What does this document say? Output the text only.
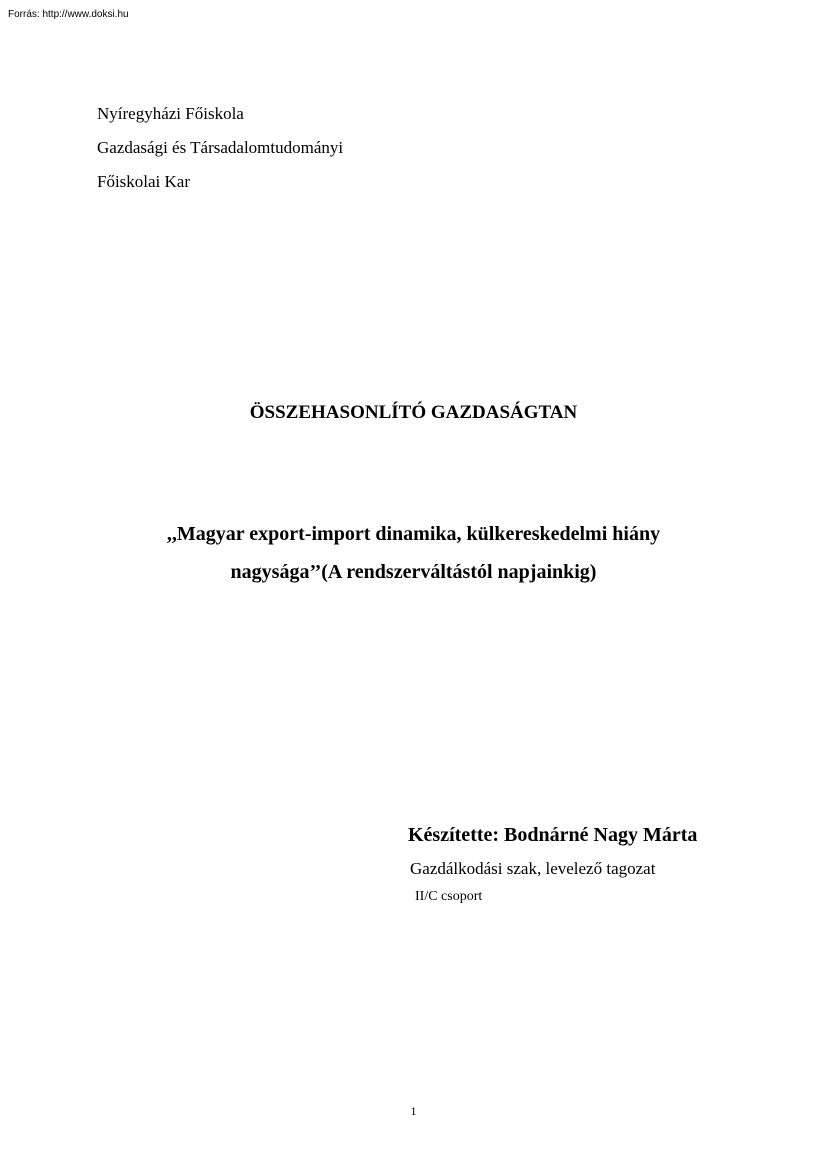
Forrás: http://www.doksi.hu
Nyíregyházi Főiskola
Gazdasági és Társadalomtudományi
Főiskolai Kar
ÖSSZEHASONLÍTÓ GAZDASÁGTAN
,,Magyar export-import dinamika, külkereskedelmi hiány
nagysága’’(A rendszerváltástól napjainkig)
Készítette: Bodnárné Nagy Márta
Gazdálkodási szak, levelező tagozat
II/C csoport
1
